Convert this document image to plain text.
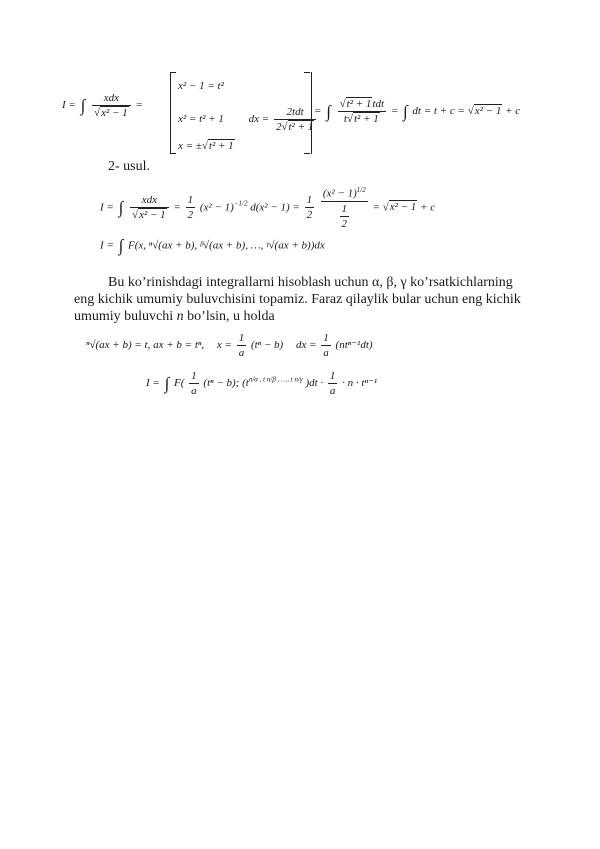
I = ∫ $\frac{\text{xdx}}{\text{√x² − 1}}$ =
x² − 1 = t²
x² = t² + 1 dx = $\frac{\text{2tdt}}{\text{2√t² + 1}}$
x = ±√t² + 1
= ∫ $\frac{\text{√t² + 1tdt}}{\text{t√t² + 1}}$ = ∫ dt = t + c = √x² − 1 + c
2- usul.
I = ∫ $\frac{\text{xdx}}{\text{√x² − 1}} = \frac{1}{2} (x^2 - 1)^{-1/2}$ $d(x^2 - 1) = \frac{1}{2}$
$\frac{(x^2 - 1)^{1/2}}{\frac{1}{2}} = √x^2 - 1 + c$
I = ∫ F(x, ⁿ√(ax + b), ᵝ√(ax + b), …, ᵞ√(ax + b))dx
Bu ko’rinishdagi integrallarni hisoblash uchun α, β, γ ko’rsatkichlarning
eng kichik umumiy buluvchisini topamiz. Faraz qilaylik bular uchun eng kichik
umumiy buluvchi n bo’lsin, u holda
ⁿ√(ax + b) = t, ax + b = tⁿ, $x = \frac{1}{a} (t^n - b)$ dx = $\frac{1}{a} (nt^{n-1}dt)$
I = ∫ $F( \frac{1}{a} (t^n - b)$; ($t^{n/\alpha , t n/\beta , \dots, t n/\gamma}$ )$dt \cdot \frac{1}{a} \cdot n \cdot t^{n-1}$
